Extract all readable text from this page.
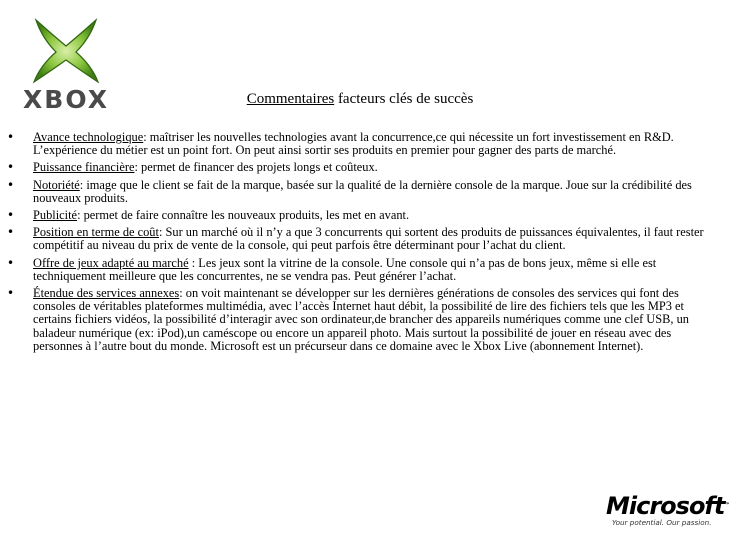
XBOX	Commentaires facteurs clés de succès
• Avance technologique: maîtriser les nouvelles technologies avant la concurrence,ce qui nécessite un fort investissement en R&D. L’expérience du métier est un point fort. On peut ainsi sortir ses produits en premier pour gagner des parts de marché.
• Puissance financière: permet de financer des projets longs et coûteux.
• Notoriété: image que le client se fait de la marque, basée sur la qualité de la dernière console de la marque. Joue sur la crédibilité des nouveaux produits.
• Publicité: permet de faire connaître les nouveaux produits, les met en avant.
• Position en terme de coût: Sur un marché où il n’y a que 3 concurrents qui sortent des produits de puissances équivalentes, il faut rester compétitif au niveau du prix de vente de la console, qui peut parfois être déterminant pour l’achat du client.
• Offre de jeux adapté au marché : Les jeux sont la vitrine de la console. Une console qui n’a pas de bons jeux, même si elle est techniquement meilleure que les concurrentes, ne se vendra pas. Peut générer l’achat.
• Étendue des services annexes: on voit maintenant se développer sur les dernières générations de consoles des services qui font des consoles de véritables plateformes multimédia, avec l’accès Internet haut débit, la possibilité de lire des fichiers tels que les MP3 et certains fichiers vidéos, la possibilité d’interagir avec son ordinateur,de brancher des appareils numériques comme une clef USB, un baladeur numérique (ex: iPod),un caméscope ou encore un appareil photo. Mais surtout la possibilité de jouer en réseau avec des personnes à l’autre bout du monde. Microsoft est un précurseur dans ce domaine avec le Xbox Live (abonnement Internet).
Microsoft™
Your potential. Our passion.
